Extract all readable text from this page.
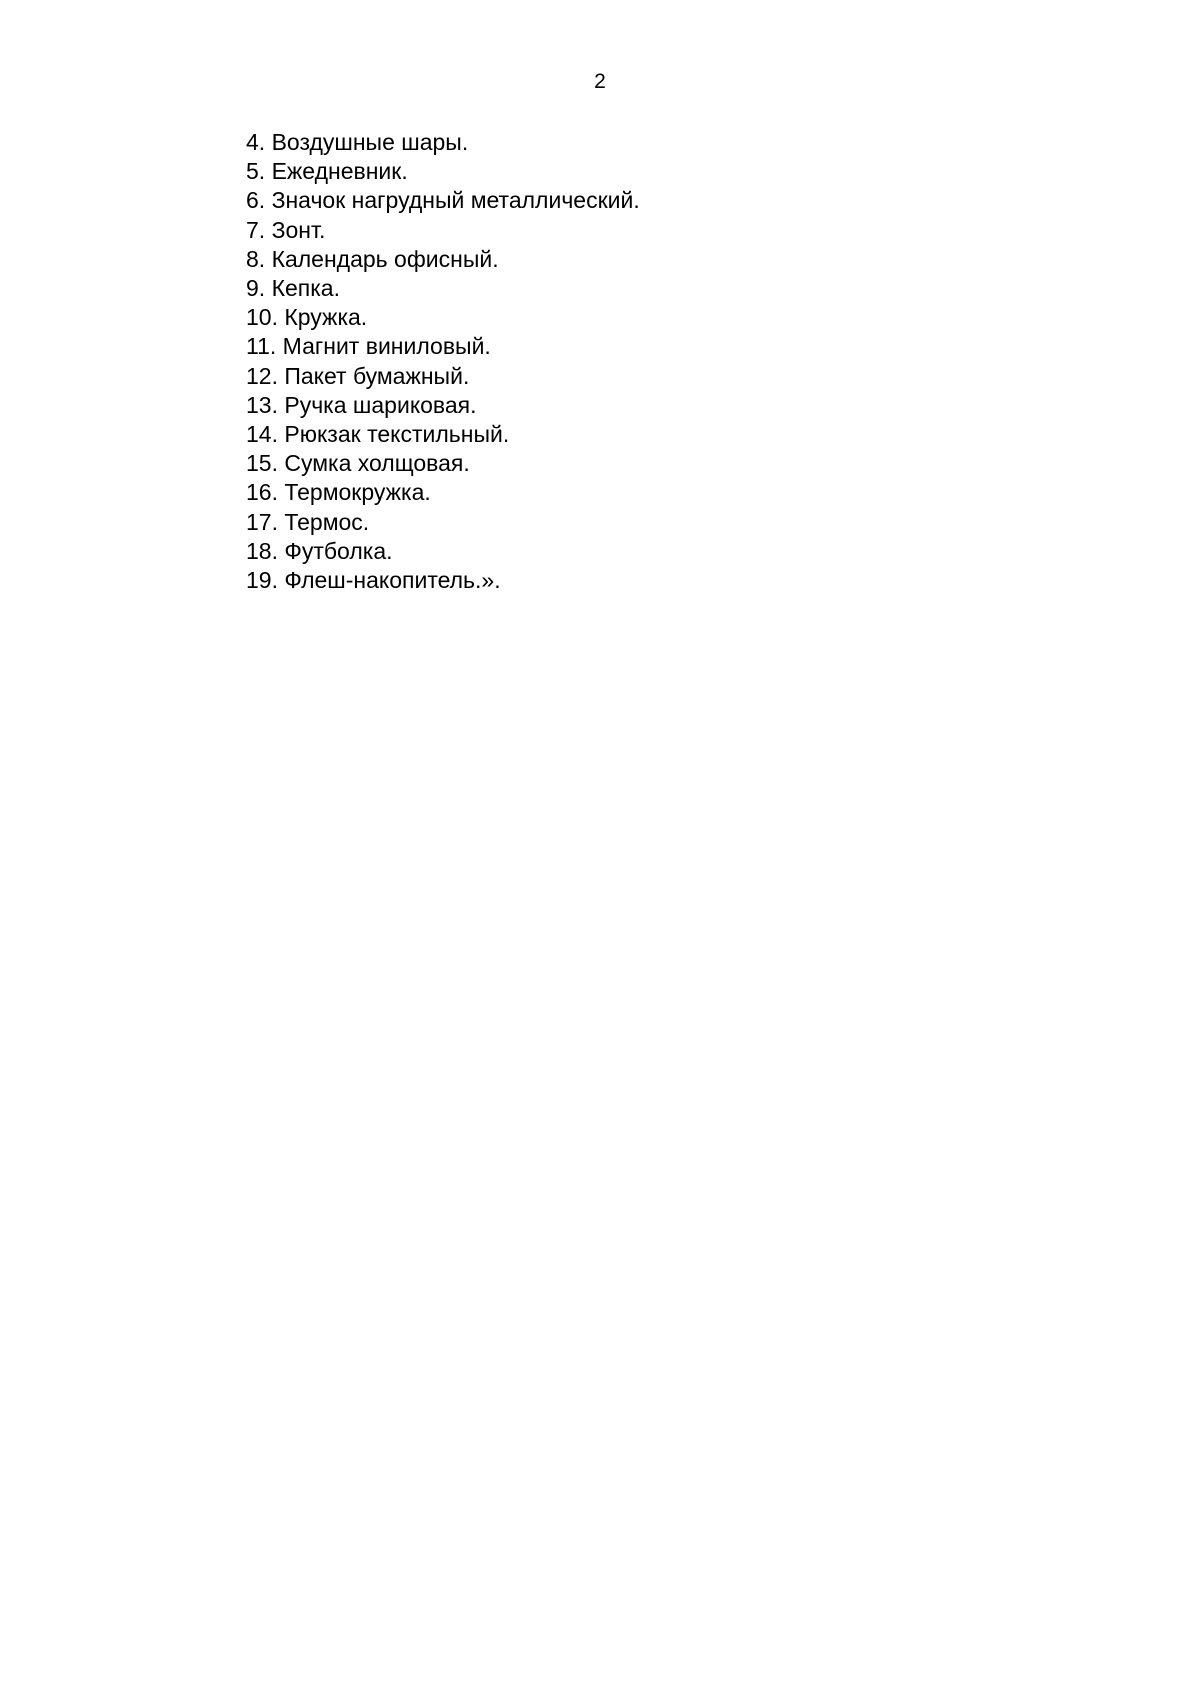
2
4. Воздушные шары.
5. Ежедневник.
6. Значок нагрудный металлический.
7. Зонт.
8. Календарь офисный.
9. Кепка.
10. Кружка.
11. Магнит виниловый.
12. Пакет бумажный.
13. Ручка шариковая.
14. Рюкзак текстильный.
15. Сумка холщовая.
16. Термокружка.
17. Термос.
18. Футболка.
19. Флеш-накопитель.».
